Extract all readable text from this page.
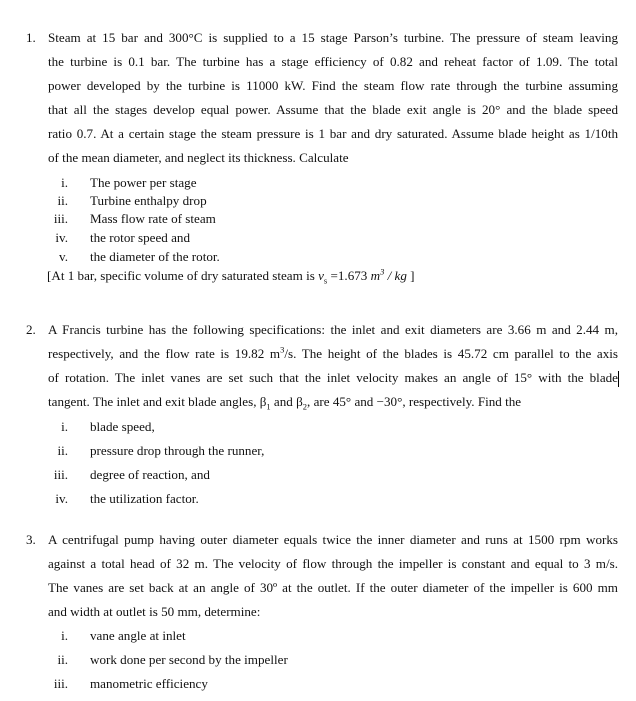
1. Steam at 15 bar and 300°C is supplied to a 15 stage Parson’s turbine. The pressure of steam leaving
the turbine is 0.1 bar. The turbine has a stage efficiency of 0.82 and reheat factor of 1.09. The total
power developed by the turbine is 11000 kW. Find the steam flow rate through the turbine assuming
that all the stages develop equal power. Assume that the blade exit angle is 20° and the blade speed
ratio 0.7. At a certain stage the steam pressure is 1 bar and dry saturated. Assume blade height as 1/10th
of the mean diameter, and neglect its thickness. Calculate
i. The power per stage
ii. Turbine enthalpy drop
iii. Mass flow rate of steam
iv. the rotor speed and
v. the diameter of the rotor.
[At 1 bar, specific volume of dry saturated steam is $v_s =1.673$ $m^3$ / kg ]
2. A Francis turbine has the following specifications: the inlet and exit diameters are 3.66 m and 2.44 m,
respectively, and the flow rate is 19.82 $m^3/s$. The height of the blades is 45.72 cm parallel to the axis
of rotation. The inlet vanes are set such that the inlet velocity makes an angle of 15° with the blade
tangent. The inlet and exit blade angles, $\beta_1$ and $\beta_2$, are 45° and −30°, respectively. Find the
i. blade speed,
ii. pressure drop through the runner,
iii. degree of reaction, and
iv. the utilization factor.
3. A centrifugal pump having outer diameter equals twice the inner diameter and runs at 1500 rpm works
against a total head of 32 m. The velocity of flow through the impeller is constant and equal to 3 m/s.
The vanes are set back at an angle of 30º at the outlet. If the outer diameter of the impeller is 600 mm
and width at outlet is 50 mm, determine:
i. vane angle at inlet
ii. work done per second by the impeller
iii. manometric efficiency
